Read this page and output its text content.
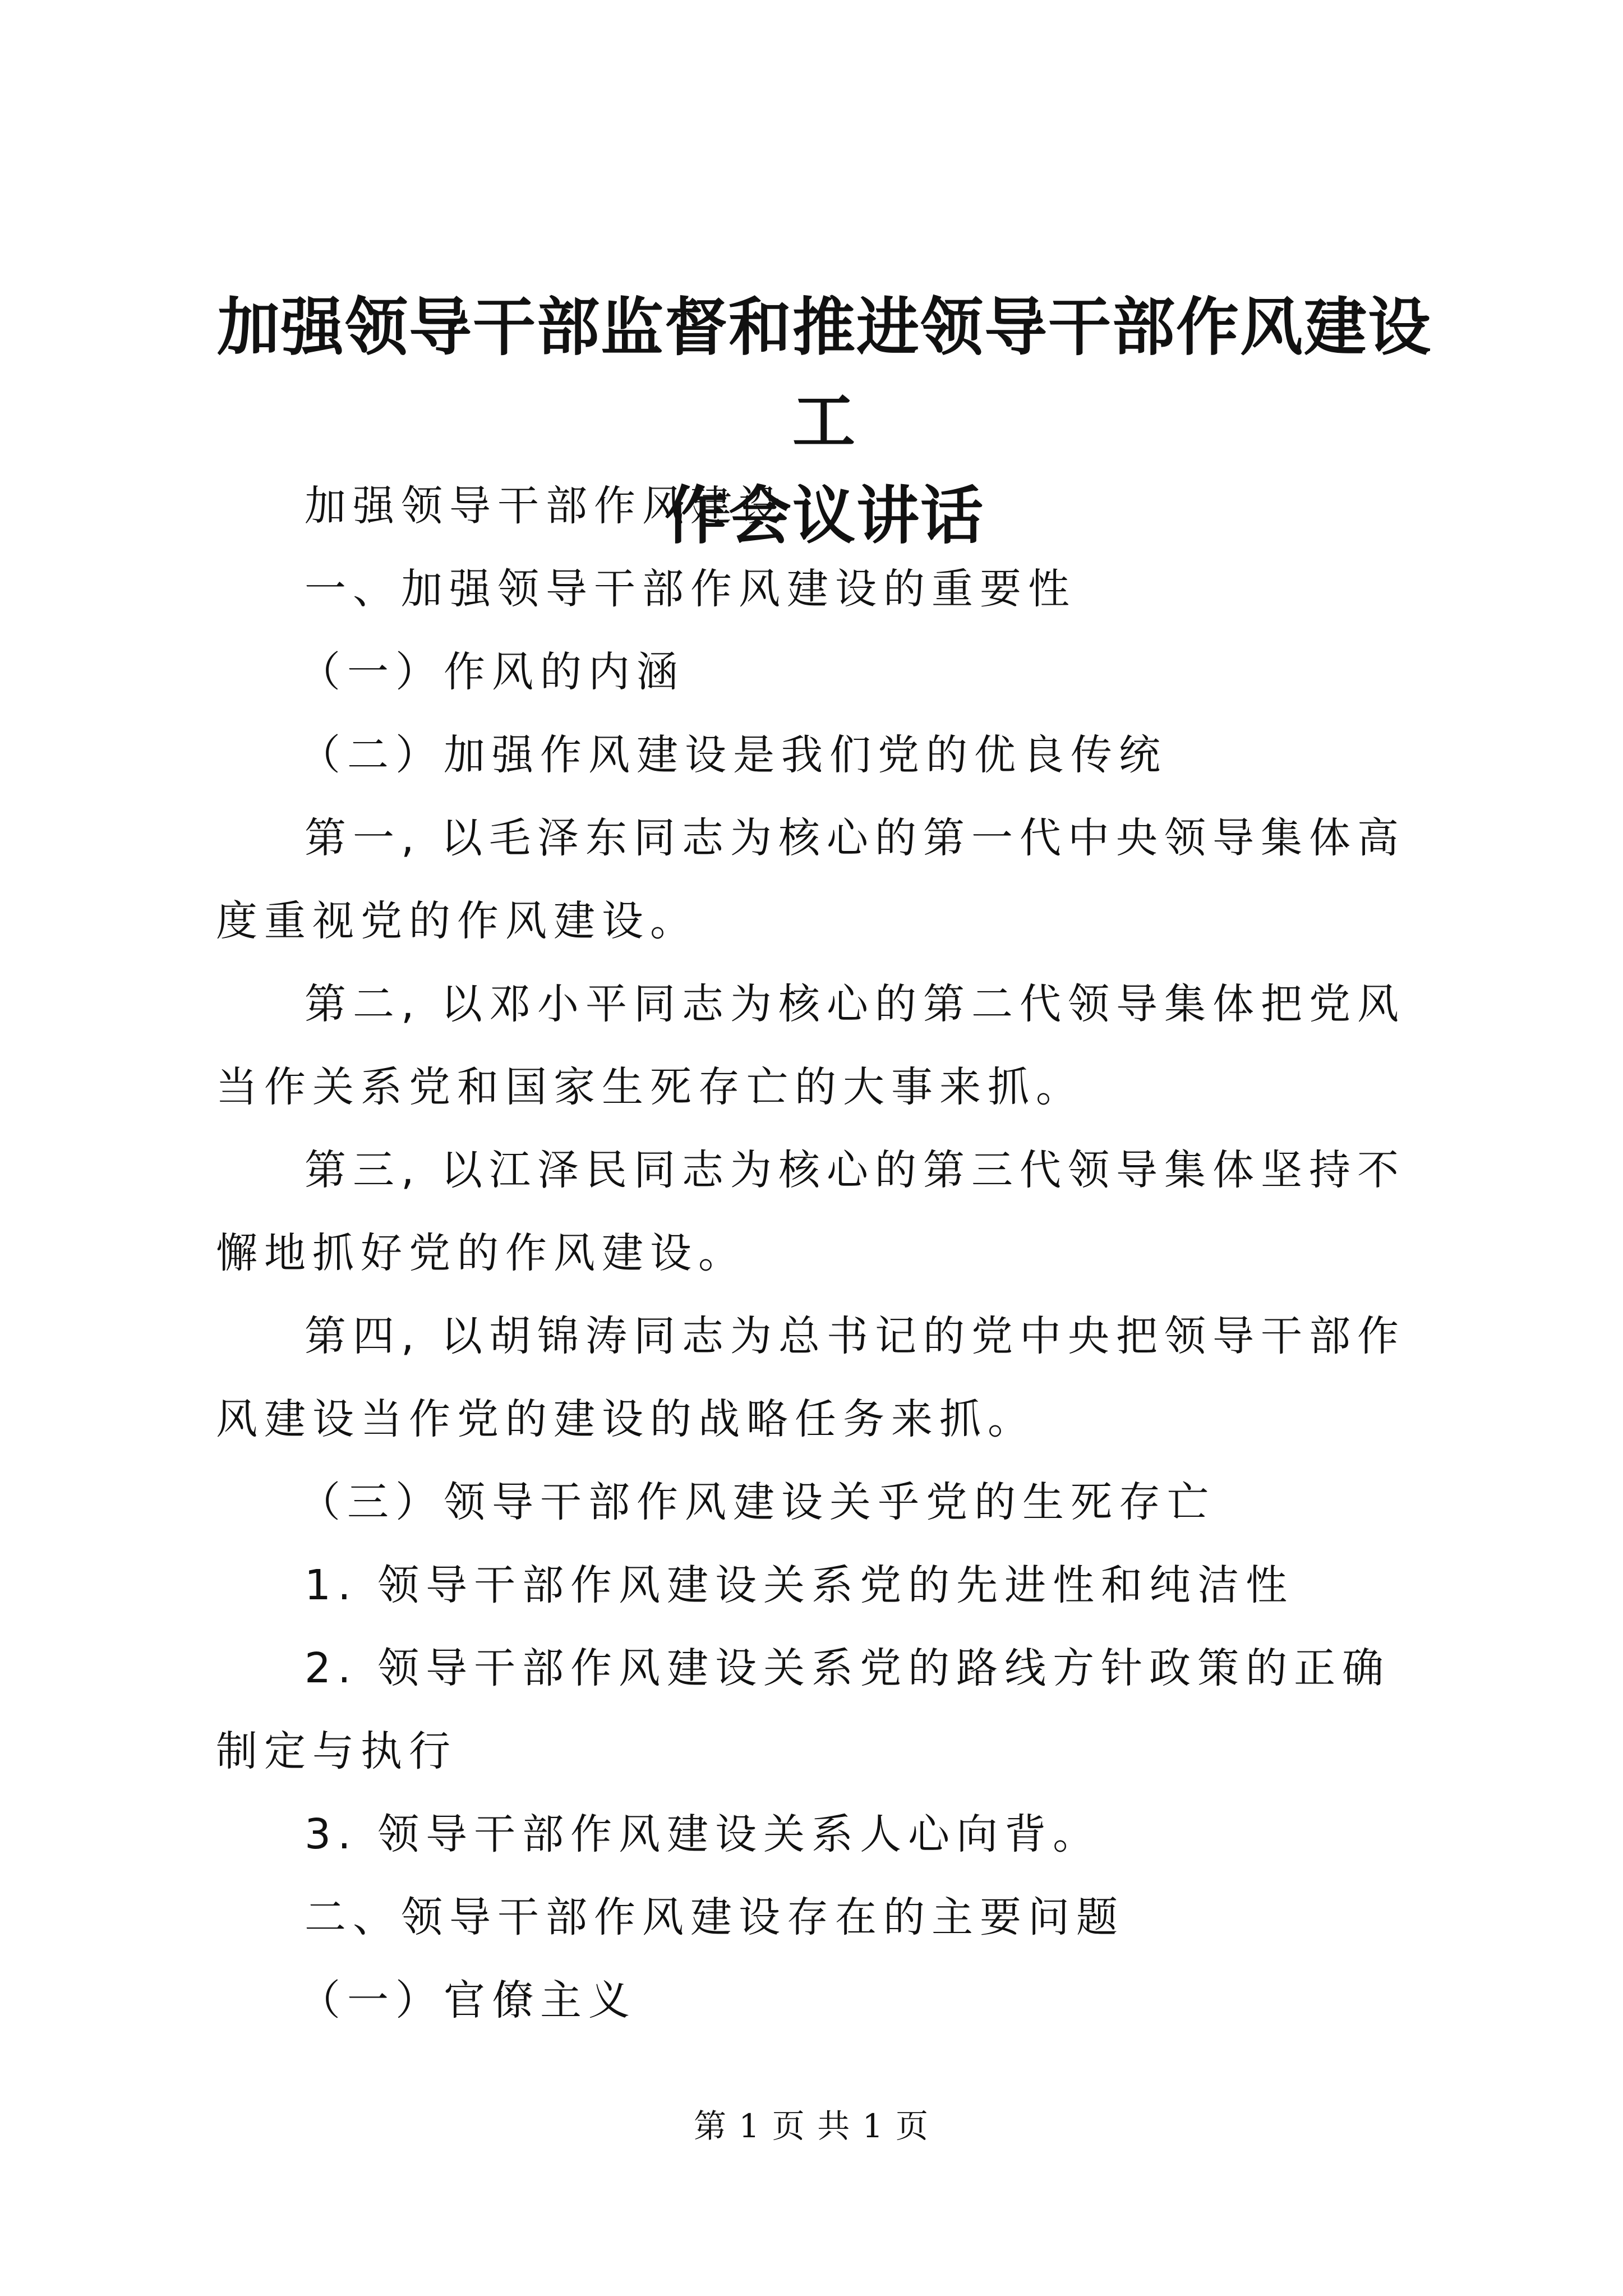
加强领导干部监督和推进领导干部作风建设工
作会议讲话

加强领导干部作风建设

一、加强领导干部作风建设的重要性

（一）作风的内涵

（二）加强作风建设是我们党的优良传统

第一, 以毛泽东同志为核心的第一代中央领导集体高度重视党的作风建设。

第二, 以邓小平同志为核心的第二代领导集体把党风当作关系党和国家生死存亡的大事来抓。

第三, 以江泽民同志为核心的第三代领导集体坚持不懈地抓好党的作风建设。

第四, 以胡锦涛同志为总书记的党中央把领导干部作风建设当作党的建设的战略任务来抓。

（三）领导干部作风建设关乎党的生死存亡

1. 领导干部作风建设关系党的先进性和纯洁性

2. 领导干部作风建设关系党的路线方针政策的正确制定与执行

3. 领导干部作风建设关系人心向背。

二、领导干部作风建设存在的主要问题

（一）官僚主义

第 1 页 共 1 页
